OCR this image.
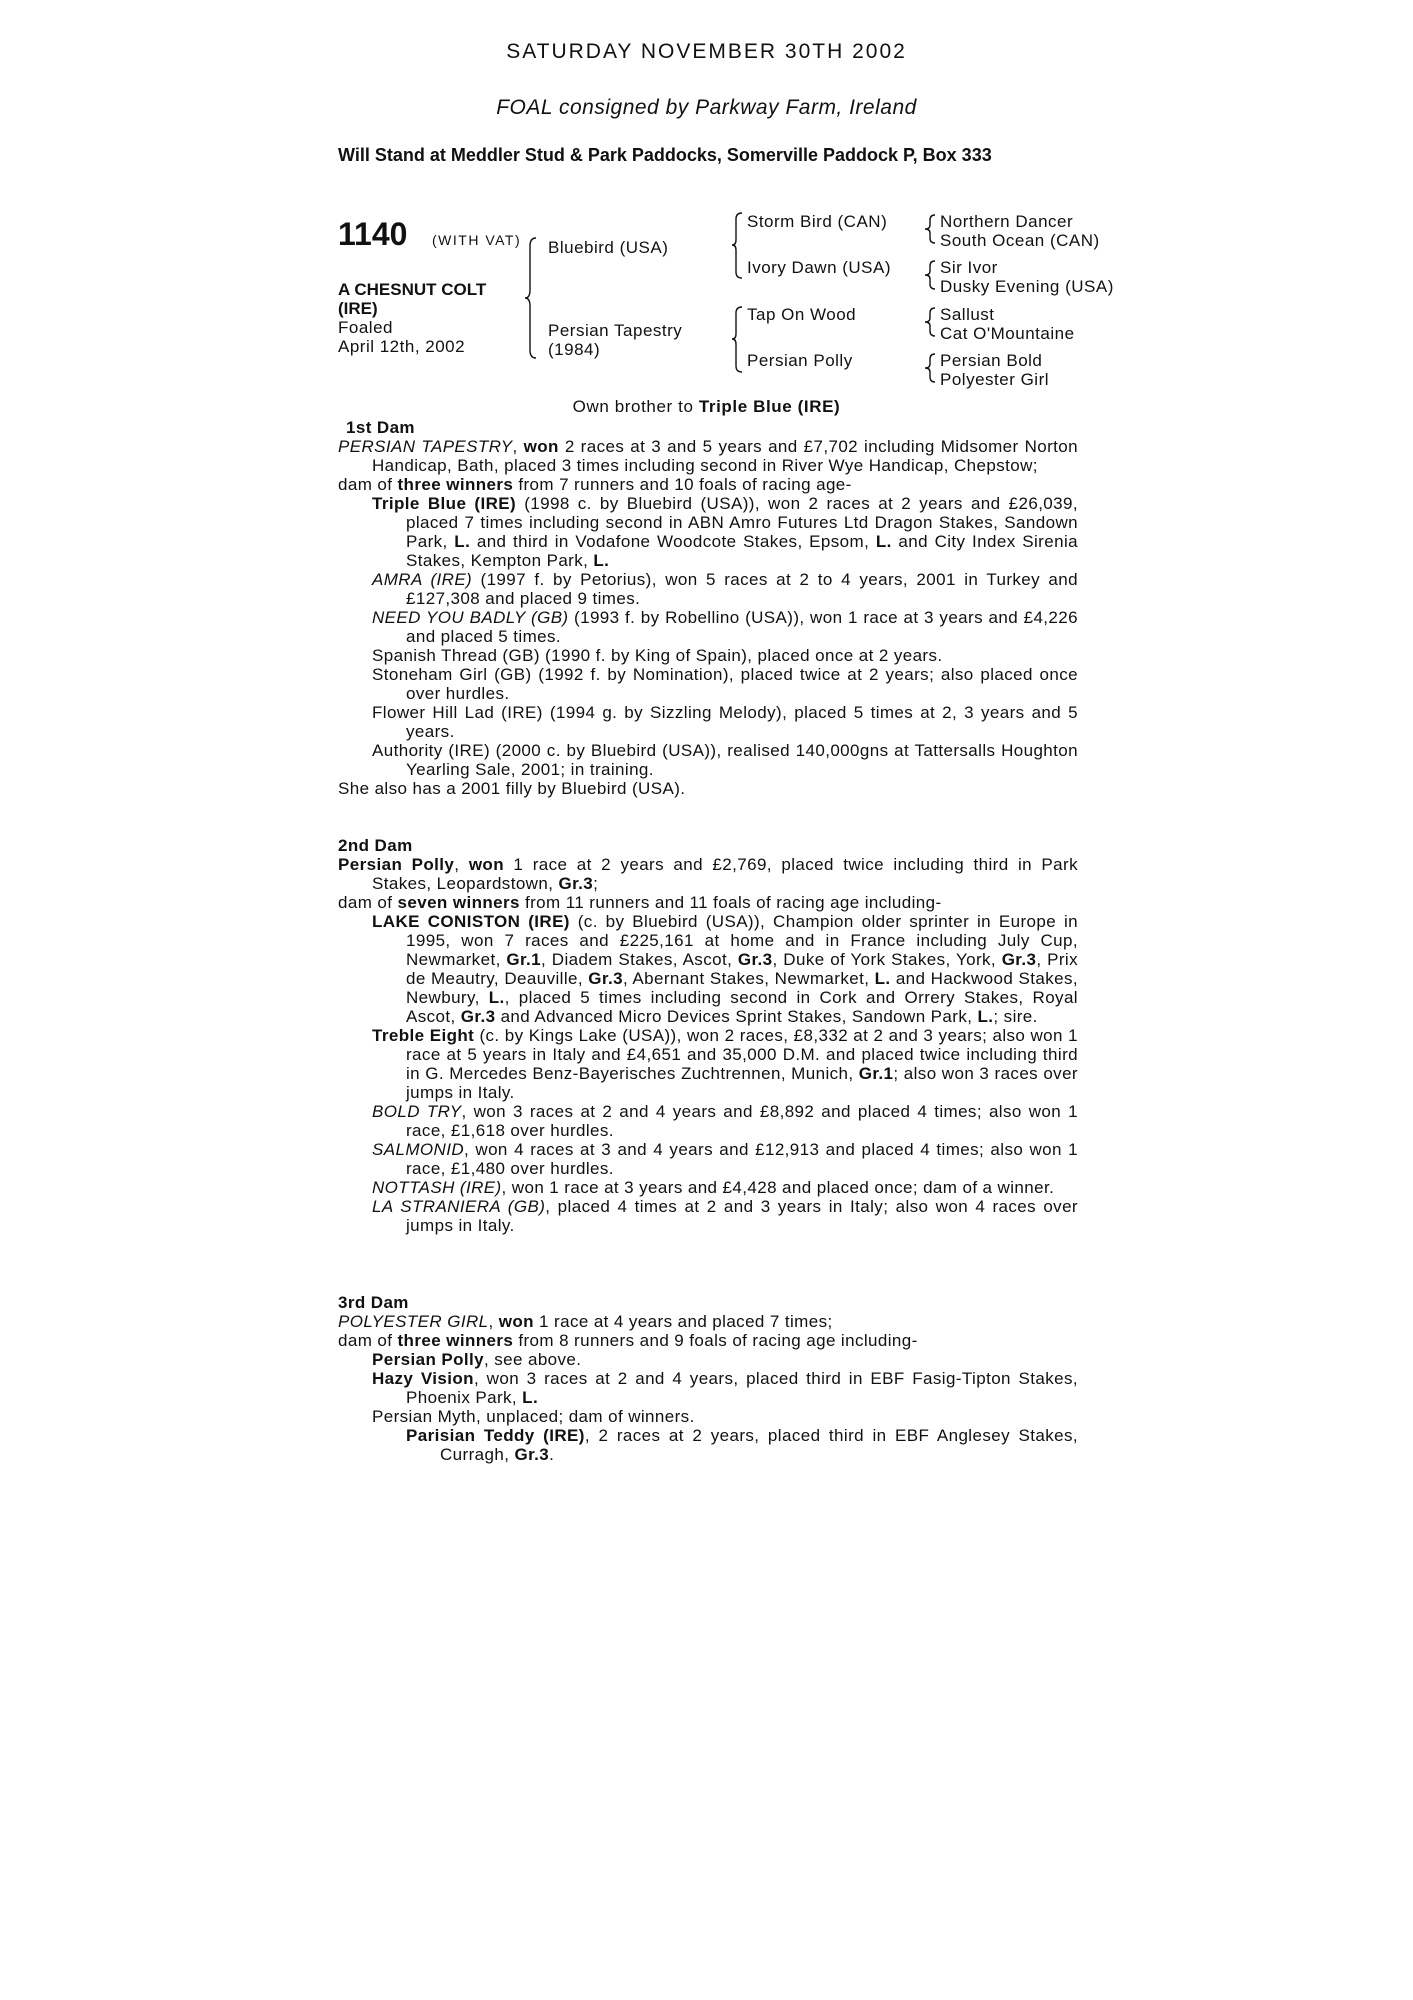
SATURDAY NOVEMBER 30TH 2002
FOAL consigned by Parkway Farm, Ireland
Will Stand at Meddler Stud & Park Paddocks, Somerville Paddock P, Box 333
1140 (WITH VAT)
A CHESNUT COLT
(IRE)
Foaled
April 12th, 2002
Bluebird (USA)
Persian Tapestry
(1984)
Storm Bird (CAN)
Ivory Dawn (USA)
Tap On Wood
Persian Polly
Northern Dancer
South Ocean (CAN)
Sir Ivor
Dusky Evening (USA)
Sallust
Cat O'Mountaine
Persian Bold
Polyester Girl
Own brother to Triple Blue (IRE)

1st Dam

PERSIAN TAPESTRY, won 2 races at 3 and 5 years and £7,702 including Midsomer Norton Handicap, Bath, placed 3 times including second in River Wye Handicap, Chepstow;

dam of three winners from 7 runners and 10 foals of racing age-

Triple Blue (IRE) (1998 c. by Bluebird (USA)), won 2 races at 2 years and £26,039, placed 7 times including second in ABN Amro Futures Ltd Dragon Stakes, Sandown Park, L. and third in Vodafone Woodcote Stakes, Epsom, L. and City Index Sirenia Stakes, Kempton Park, L.

AMRA (IRE) (1997 f. by Petorius), won 5 races at 2 to 4 years, 2001 in Turkey and £127,308 and placed 9 times.

NEED YOU BADLY (GB) (1993 f. by Robellino (USA)), won 1 race at 3 years and £4,226 and placed 5 times.

Spanish Thread (GB) (1990 f. by King of Spain), placed once at 2 years.

Stoneham Girl (GB) (1992 f. by Nomination), placed twice at 2 years; also placed once over hurdles.

Flower Hill Lad (IRE) (1994 g. by Sizzling Melody), placed 5 times at 2, 3 years and 5 years.

Authority (IRE) (2000 c. by Bluebird (USA)), realised 140,000gns at Tattersalls Houghton Yearling Sale, 2001; in training.

She also has a 2001 filly by Bluebird (USA).

2nd Dam

Persian Polly, won 1 race at 2 years and £2,769, placed twice including third in Park Stakes, Leopardstown, Gr.3;

dam of seven winners from 11 runners and 11 foals of racing age including-

LAKE CONISTON (IRE) (c. by Bluebird (USA)), Champion older sprinter in Europe in 1995, won 7 races and £225,161 at home and in France including July Cup, Newmarket, Gr.1, Diadem Stakes, Ascot, Gr.3, Duke of York Stakes, York, Gr.3, Prix de Meautry, Deauville, Gr.3, Abernant Stakes, Newmarket, L. and Hackwood Stakes, Newbury, L., placed 5 times including second in Cork and Orrery Stakes, Royal Ascot, Gr.3 and Advanced Micro Devices Sprint Stakes, Sandown Park, L.; sire.

Treble Eight (c. by Kings Lake (USA)), won 2 races, £8,332 at 2 and 3 years; also won 1 race at 5 years in Italy and £4,651 and 35,000 D.M. and placed twice including third in G. Mercedes Benz-Bayerisches Zuchtrennen, Munich, Gr.1; also won 3 races over jumps in Italy.

BOLD TRY, won 3 races at 2 and 4 years and £8,892 and placed 4 times; also won 1 race, £1,618 over hurdles.

SALMONID, won 4 races at 3 and 4 years and £12,913 and placed 4 times; also won 1 race, £1,480 over hurdles.

NOTTASH (IRE), won 1 race at 3 years and £4,428 and placed once; dam of a winner.

LA STRANIERA (GB), placed 4 times at 2 and 3 years in Italy; also won 4 races over jumps in Italy.

3rd Dam

POLYESTER GIRL, won 1 race at 4 years and placed 7 times;

dam of three winners from 8 runners and 9 foals of racing age including-

Persian Polly, see above.

Hazy Vision, won 3 races at 2 and 4 years, placed third in EBF Fasig-Tipton Stakes, Phoenix Park, L.

Persian Myth, unplaced; dam of winners.

Parisian Teddy (IRE), 2 races at 2 years, placed third in EBF Anglesey Stakes, Curragh, Gr.3.
